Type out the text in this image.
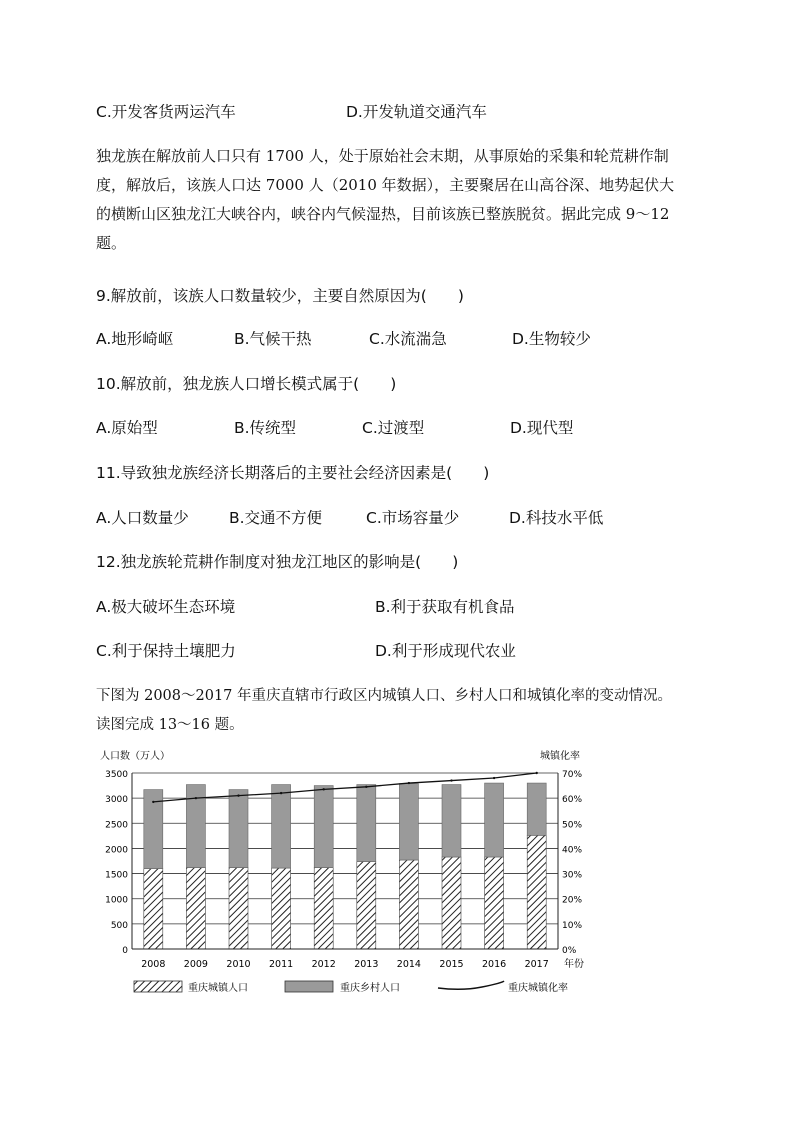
C.开发客货两运汽车	D.开发轨道交通汽车
独龙族在解放前人口只有 1700 人，处于原始社会末期，从事原始的采集和轮荒耕作制
度，解放后，该族人口达 7000 人（2010 年数据），主要聚居在山高谷深、地势起伏大
的横断山区独龙江大峡谷内，峡谷内气候湿热，目前该族已整族脱贫。据此完成 9～12
题。
9.解放前，该族人口数量较少，主要自然原因为(　　)
A.地形崎岖	B.气候干热	C.水流湍急	D.生物较少
10.解放前，独龙族人口增长模式属于(　　)
A.原始型	B.传统型	C.过渡型	D.现代型
11.导致独龙族经济长期落后的主要社会经济因素是(　　)
A.人口数量少	B.交通不方便	C.市场容量少	D.科技水平低
12.独龙族轮荒耕作制度对独龙江地区的影响是(　　)
A.极大破坏生态环境	B.利于获取有机食品
C.利于保持土壤肥力	D.利于形成现代农业
下图为 2008～2017 年重庆直辖市行政区内城镇人口、乡村人口和城镇化率的变动情况。
读图完成 13～16 题。
0
500
1000
1500
2000
2500
3000
3500
0%
10%
20%
30%
40%
50%
60%
70%
2008 2009 2010 2011 2012 2013 2014 2015 2016 2017
人口数（万人）	城镇化率
年份
重庆城镇人口	重庆乡村人口	重庆城镇化率
